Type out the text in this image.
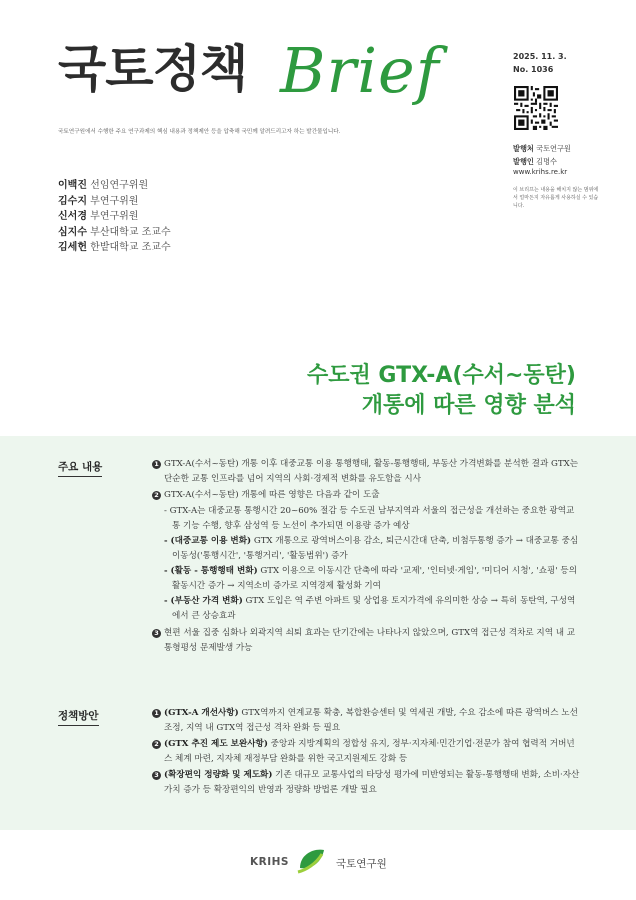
국토정책 Brief
국토연구원에서 수행한 주요 연구과제의 핵심 내용과 정책제안 등을 압축해 국민께 알려드리고자 하는 발간물입니다.
2025. 11. 3.
No. 1036
발행처 국토연구원
발행인 김명수
www.krihs.re.kr
이 브리프는 내용을 해치지 않는 범위에서 얼마든지 자유롭게 사용하실 수 있습니다.
이백진 선임연구위원
김수지 부연구위원
신서경 부연구위원
심지수 부산대학교 조교수
김세헌 한밭대학교 조교수
수도권 GTX-A(수서~동탄)
개통에 따른 영향 분석
주요 내용	1 GTX-A(수서~동탄) 개통 이후 대중교통 이용 통행행태, 활동-통행행태, 부동산 가격변화를 분석한 결과 GTX는 단순한 교통 인프라를 넘어 지역의 사회·경제적 변화를 유도함을 시사
2 GTX-A(수서~동탄) 개통에 따른 영향은 다음과 같이 도출
- GTX-A는 대중교통 통행시간 20~60% 절감 등 수도권 남부지역과 서울의 접근성을 개선하는 중요한 광역교통 기능 수행, 향후 삼성역 등 노선이 추가되면 이용량 증가 예상
- (대중교통 이용 변화) GTX 개통으로 광역버스이용 감소, 퇴근시간대 단축, 비첨두통행 증가 → 대중교통 중심 이동성('통행시간', '통행거리', '활동범위') 증가
- (활동 - 통행행태 변화) GTX 이용으로 이동시간 단축에 따라 '교제', '인터넷·게임', '미디어 시청', '쇼핑' 등의 활동시간 증가 → 지역소비 증가로 지역경제 활성화 기여
- (부동산 가격 변화) GTX 도입은 역 주변 아파트 및 상업용 토지가격에 유의미한 상승 → 특히 동탄역, 구성역에서 큰 상승효과
3 현편 서울 집중 심화나 외곽지역 쇠퇴 효과는 단기간에는 나타나지 않았으며, GTX역 접근성 격차로 지역 내 교통형평성 문제발생 가능
정책방안	1 (GTX-A 개선사항) GTX역까지 연계교통 확충, 복합환승센터 및 역세권 개발, 수요 감소에 따른 광역버스 노선 조정, 지역 내 GTX역 접근성 격차 완화 등 필요
2 (GTX 추진 제도 보완사항) 중앙과 지방계획의 정합성 유지, 정부·지자체·민간기업·전문가 참여 협력적 거버넌스 체계 마련, 지자체 재정부담 완화를 위한 국고지원제도 강화 등
3 (확장편익 정량화 및 제도화) 기존 대규모 교통사업의 타당성 평가에 미반영되는 활동-통행행태 변화, 소비·자산가치 증가 등 확장편익의 반영과 정량화 방법론 개발 필요
KRIHS	국토연구원
